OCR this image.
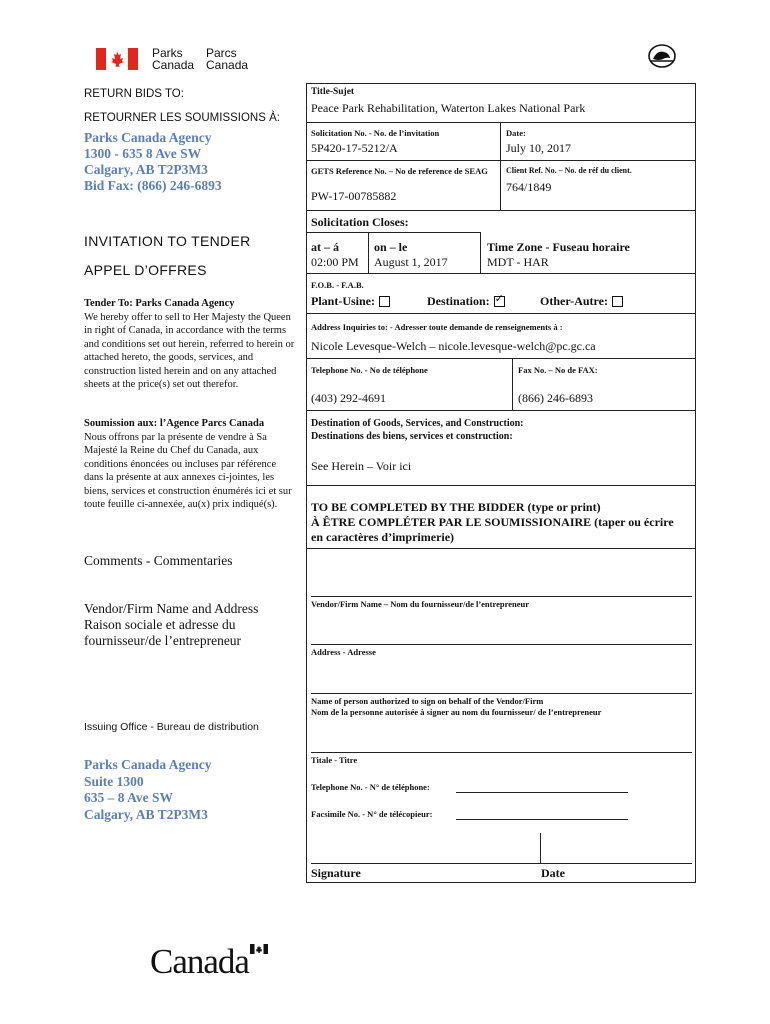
Parks
Canada
Parcs
Canada
RETURN BIDS TO:
RETOURNER LES SOUMISSIONS À:
Parks Canada Agency
1300 - 635 8 Ave SW
Calgary, AB T2P3M3
Bid Fax: (866) 246-6893
INVITATION TO TENDER
APPEL D’OFFRES
Tender To: Parks Canada Agency
We hereby offer to sell to Her Majesty the Queen in right of Canada, in accordance with the terms and conditions set out herein, referred to herein or attached hereto, the goods, services, and construction listed herein and on any attached sheets at the price(s) set out therefor.
Soumission aux: l’Agence Parcs Canada
Nous offrons par la présente de vendre à Sa Majesté la Reine du Chef du Canada, aux conditions énoncées ou incluses par référence dans la présente at aux annexes ci-jointes, les biens, services et construction énumérés ici et sur toute feuille ci-annexée, au(x) prix indiqué(s).
Comments - Commentaries
Vendor/Firm Name and Address
Raison sociale et adresse du
fournisseur/de l’entrepreneur
Issuing Office - Bureau de distribution
Parks Canada Agency
Suite 1300
635 – 8 Ave SW
Calgary, AB T2P3M3
Title-Sujet
Peace Park Rehabilitation, Waterton Lakes National Park
Solicitation No. - No. de l’invitation
5P420-17-5212/A
Date:
July 10, 2017
GETS Reference No. – No de reference de SEAG
PW-17-00785882
Client Ref. No. – No. de réf du client.
764/1849
Solicitation Closes:
at – á
02:00 PM
on – le
August 1, 2017
Time Zone - Fuseau horaire
MDT - HAR
F.O.B. - F.A.B.
Plant-Usine:	Destination:✓	Other-Autre:
Address Inquiries to: - Adresser toute demande de renseignements à :
Nicole Levesque-Welch – nicole.levesque-welch@pc.gc.ca
Telephone No. - No de téléphone
(403) 292-4691
Fax No. – No de FAX:
(866) 246-6893
Destination of Goods, Services, and Construction:
Destinations des biens, services et construction:
See Herein – Voir ici
TO BE COMPLETED BY THE BIDDER (type or print)
À ÊTRE COMPLÉTER PAR LE SOUMISSIONAIRE (taper ou écrire
en caractères d’imprimerie)
Vendor/Firm Name – Nom du fournisseur/de l’entrepreneur
Address - Adresse
Name of person authorized to sign on behalf of the Vendor/Firm
Nom de la personne autorisée à signer au nom du fournisseur/ de l’entrepreneur
Titale - Titre
Telephone No. - N° de téléphone:
Facsimile No. - N° de télécopieur:
Signature	Date
Canada
